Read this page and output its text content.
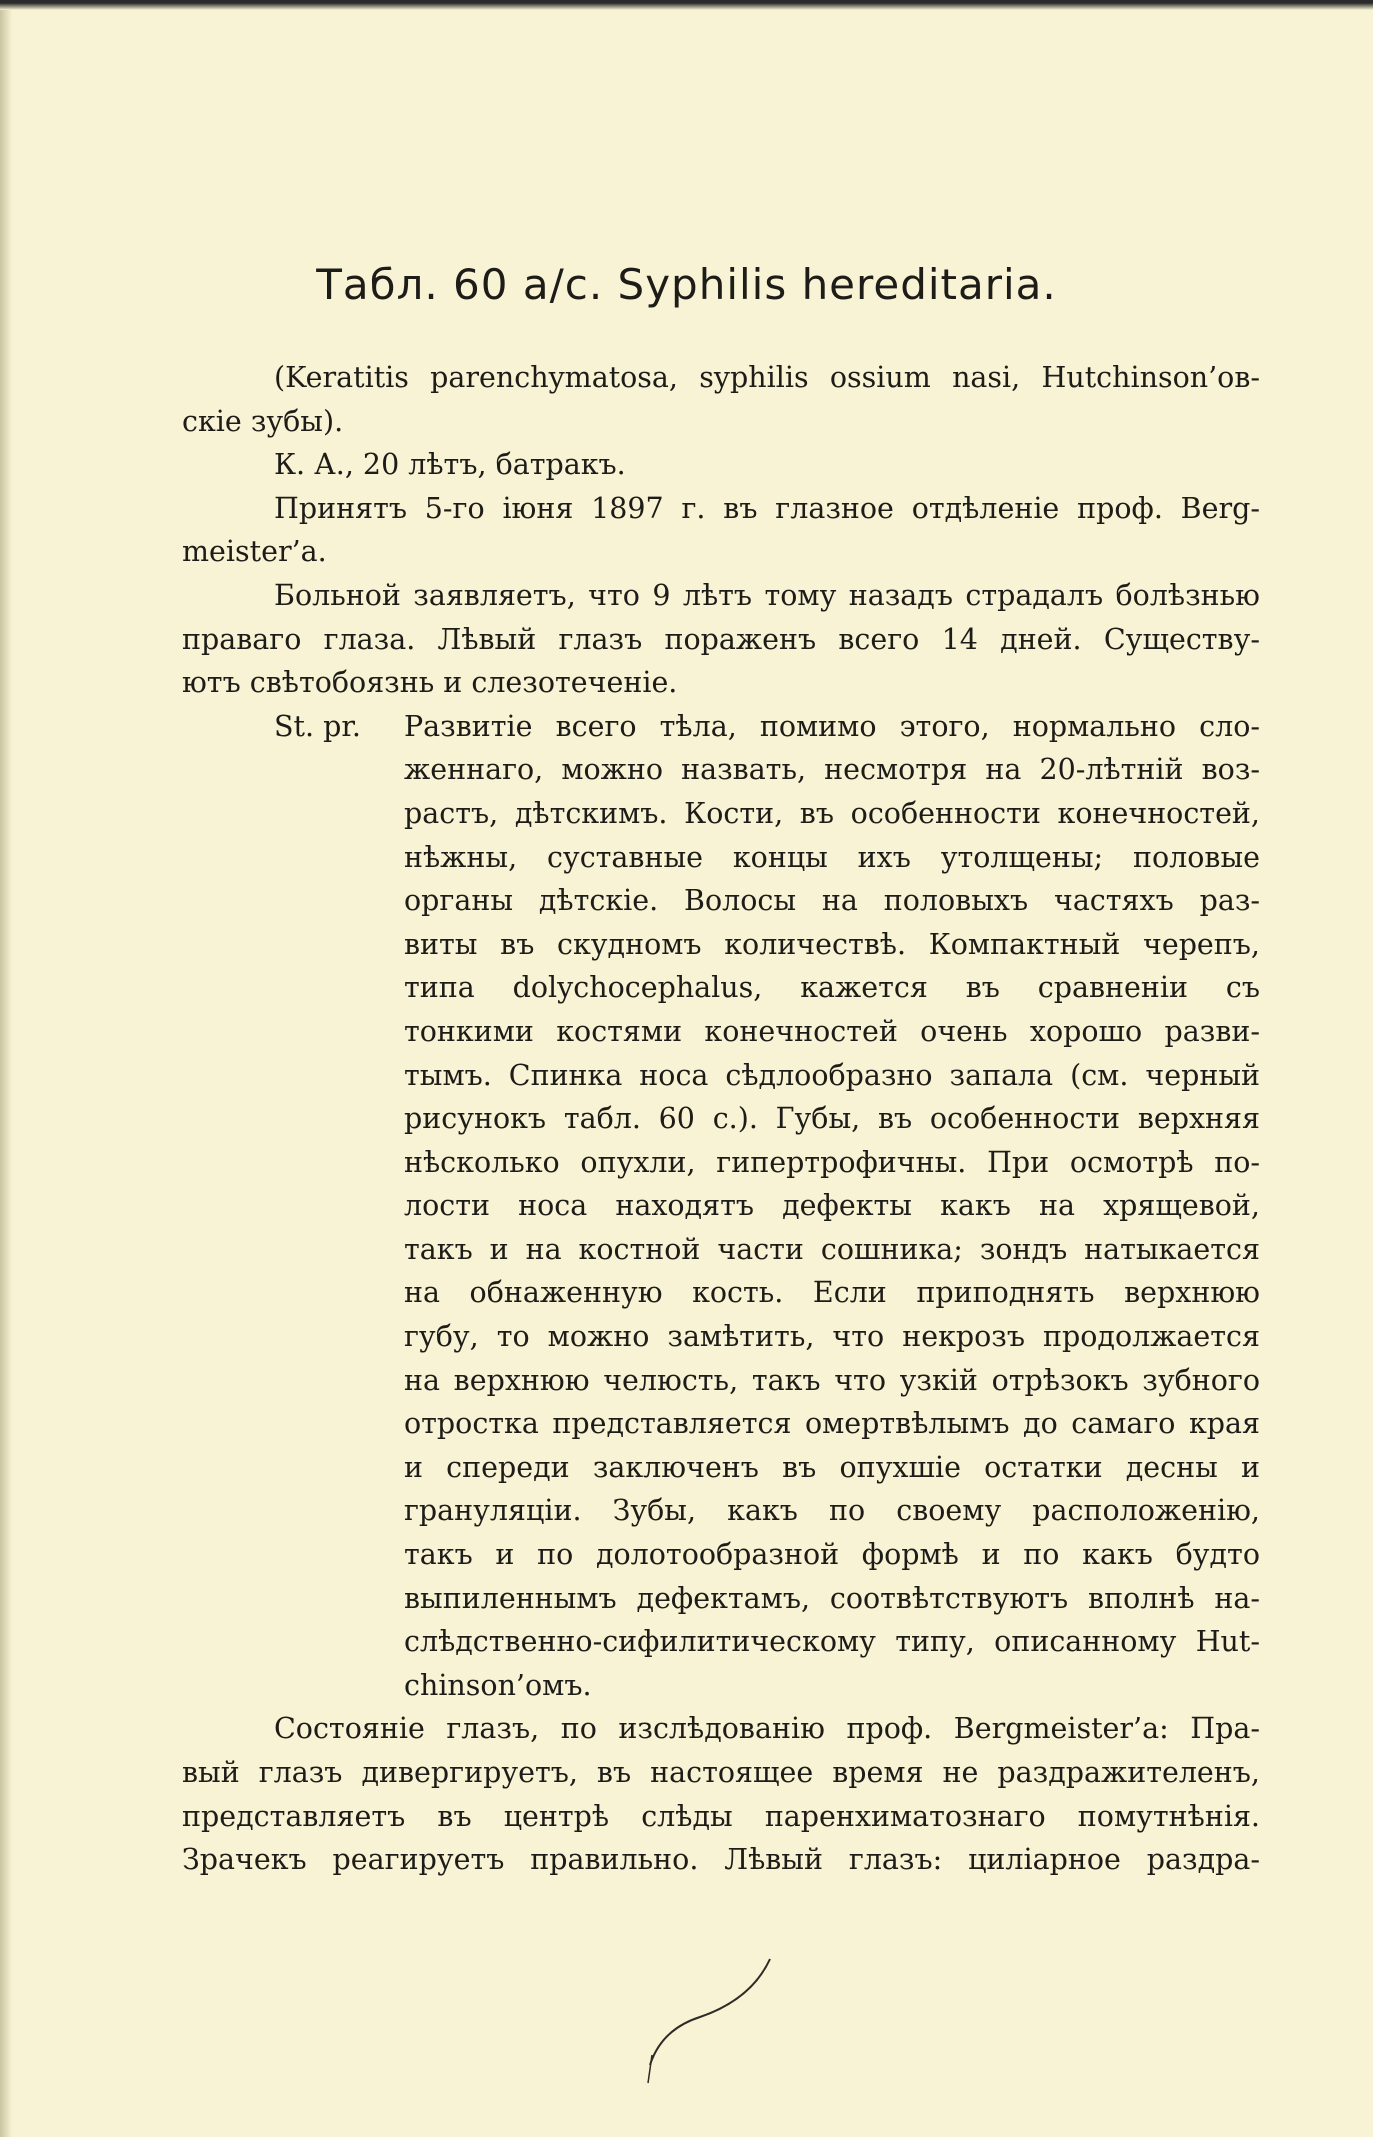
Табл. 60 a/c. Syphilis hereditaria.
(Keratitis parenchymatosa, syphilis ossium nasi, Hutchinson’ов-
скіе зубы).
К. А., 20 лѣтъ, батракъ.
Принятъ 5-го іюня 1897 г. въ глазное отдѣленіе проф. Berg-
meister’а.
Больной заявляетъ, что 9 лѣтъ тому назадъ страдалъ болѣзнью
праваго глаза. Лѣвый глазъ пораженъ всего 14 дней. Существу-
ютъ свѣтобоязнь и слезотеченіе.
St. pr.	Развитіе всего тѣла, помимо этого, нормально сло-
женнаго, можно назвать, несмотря на 20-лѣтній воз-
растъ, дѣтскимъ. Кости, въ особенности конечностей,
нѣжны, суставные концы ихъ утолщены; половые
органы дѣтскіе. Волосы на половыхъ частяхъ раз-
виты въ скудномъ количествѣ. Компактный черепъ,
типа dolychocephalus, кажется въ сравненіи съ
тонкими костями конечностей очень хорошо разви-
тымъ. Спинка носа сѣдлообразно запала (см. черный
рисунокъ табл. 60 с.). Губы, въ особенности верхняя
нѣсколько опухли, гипертрофичны. При осмотрѣ по-
лости носа находятъ дефекты какъ на хрящевой,
такъ и на костной части сошника; зондъ натыкается
на обнаженную кость. Если приподнять верхнюю
губу, то можно замѣтить, что некрозъ продолжается
на верхнюю челюсть, такъ что узкій отрѣзокъ зубного
отростка представляется омертвѣлымъ до самаго края
и спереди заключенъ въ опухшіе остатки десны и
грануляціи. Зубы, какъ по своему расположенію,
такъ и по долотообразной формѣ и по какъ будто
выпиленнымъ дефектамъ, соотвѣтствуютъ вполнѣ на-
слѣдственно-сифилитическому типу, описанному Hut-
chinson’омъ.
Состояніе глазъ, по изслѣдованію проф. Bergmeister’а: Пра-
вый глазъ дивергируетъ, въ настоящее время не раздражителенъ,
представляетъ въ центрѣ слѣды паренхиматознаго помутнѣнія.
Зрачекъ реагируетъ правильно. Лѣвый глазъ: циліарное раздра-
